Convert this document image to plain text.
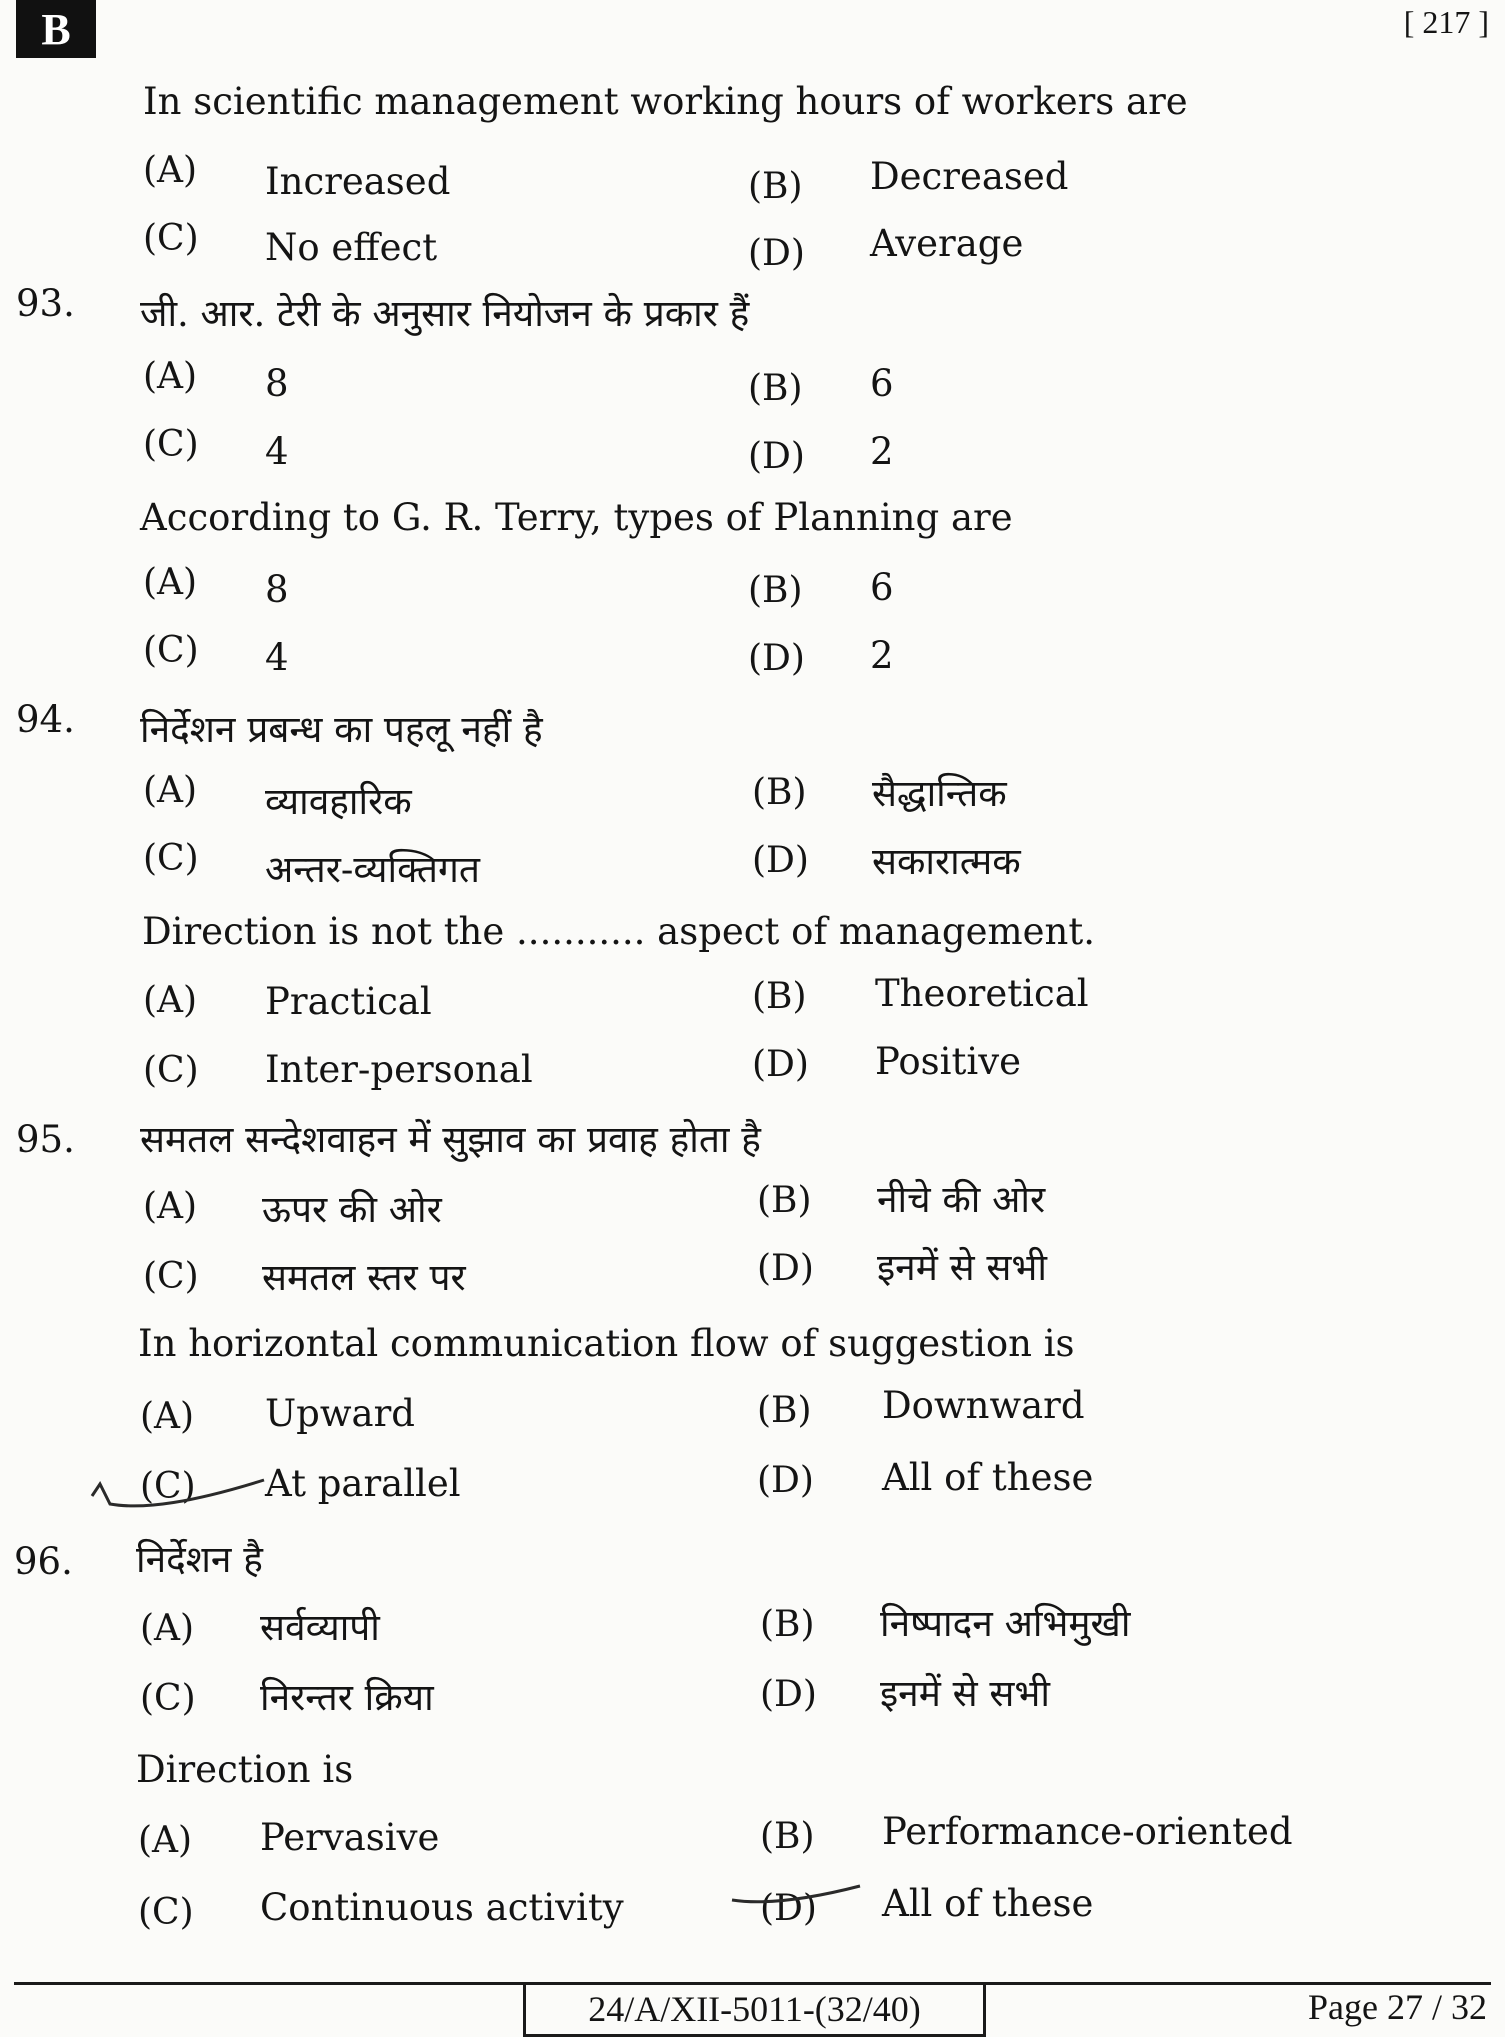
B	[ 217 ]
In scientific management working hours of workers are
(A) Increased	(B) Decreased
(C) No effect	(D) Average
93. जी. आर. टेरी के अनुसार नियोजन के प्रकार हैं
(A) 8	(B) 6
(C) 4	(D) 2
According to G. R. Terry, types of Planning are
(A) 8	(B) 6
(C) 4	(D) 2
94. निर्देशन प्रबन्ध का पहलू नहीं है
(A) व्यावहारिक	(B) सैद्धान्तिक
(C) अन्तर-व्यक्तिगत	(D) सकारात्मक
Direction is not the ........... aspect of management.
(A) Practical	(B) Theoretical
(C) Inter-personal	(D) Positive
95. समतल सन्देशवाहन में सुझाव का प्रवाह होता है
(A) ऊपर की ओर	(B) नीचे की ओर
(C) समतल स्तर पर	(D) इनमें से सभी
In horizontal communication flow of suggestion is
(A) Upward	(B) Downward
(C) At parallel	(D) All of these
96. निर्देशन है
(A) सर्वव्यापी	(B) निष्पादन अभिमुखी
(C) निरन्तर क्रिया	(D) इनमें से सभी
Direction is
(A) Pervasive	(B) Performance-oriented
(C) Continuous activity	(D) All of these
24/A/XII-5011-(32/40)	Page 27 / 32
